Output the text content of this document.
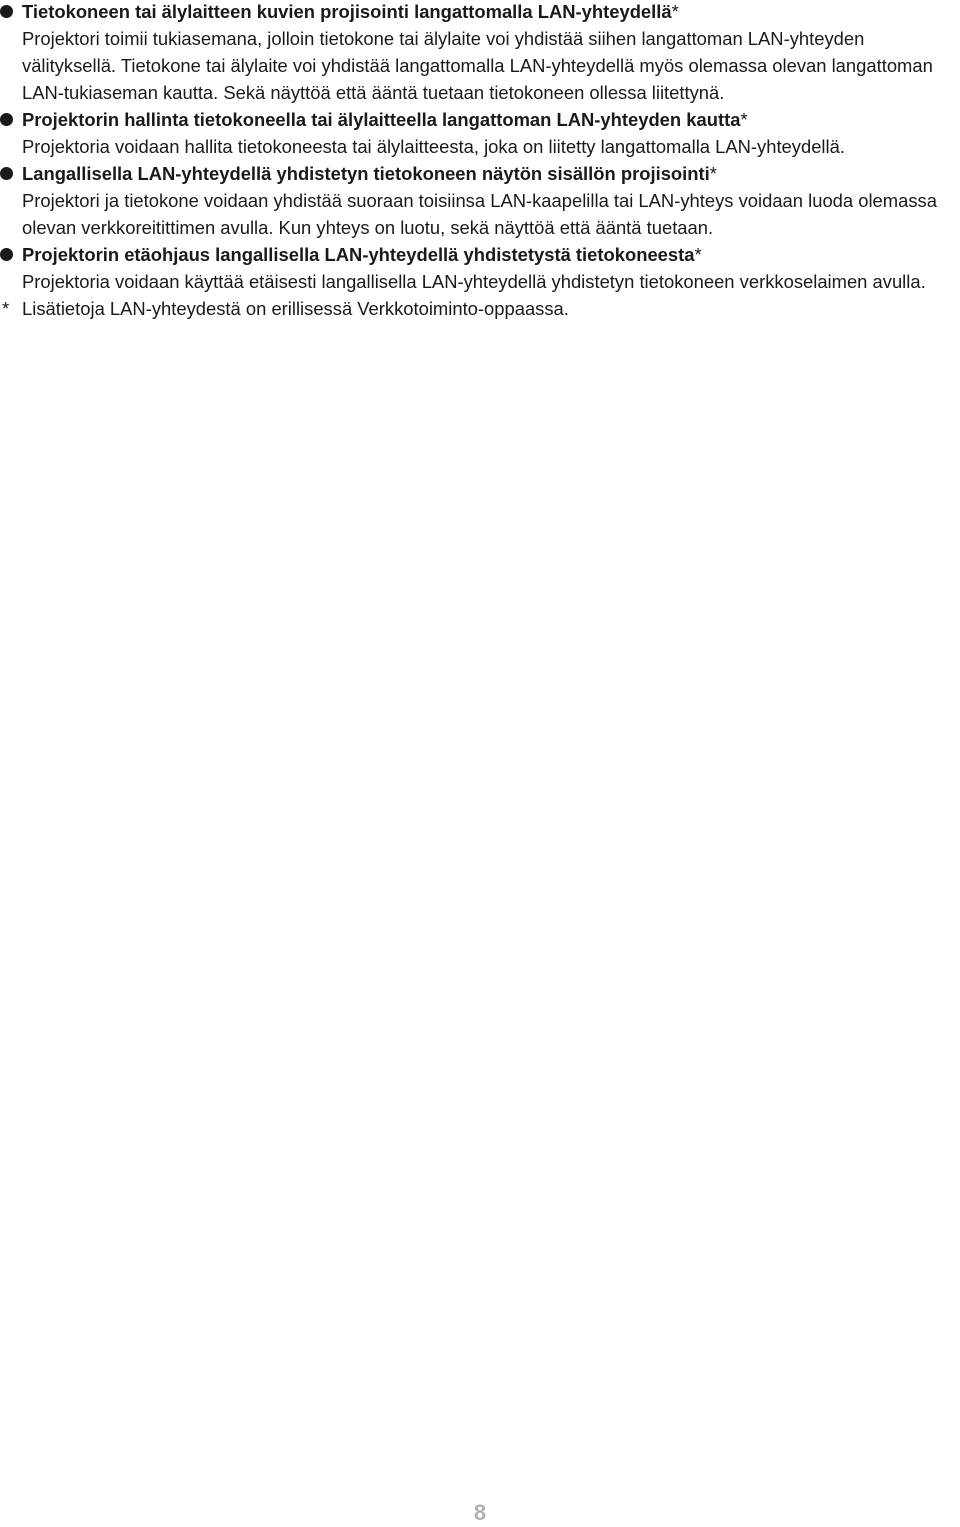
Tietokoneen tai älylaitteen kuvien projisointi langattomalla LAN-yhteydellä*
Projektori toimii tukiasemana, jolloin tietokone tai älylaite voi yhdistää siihen langattoman LAN-yhteyden välityksellä. Tietokone tai älylaite voi yhdistää langattomalla LAN-yhteydellä myös olemassa olevan langattoman LAN-tukiaseman kautta. Sekä näyttöä että ääntä tuetaan tietokoneen ollessa liitettynä.
Projektorin hallinta tietokoneella tai älylaitteella langattoman LAN-yhteyden kautta*
Projektoria voidaan hallita tietokoneesta tai älylaitteesta, joka on liitetty langattomalla LAN-yhteydellä.
Langallisella LAN-yhteydellä yhdistetyn tietokoneen näytön sisällön projisointi*
Projektori ja tietokone voidaan yhdistää suoraan toisiinsa LAN-kaapelilla tai LAN-yhteys voidaan luoda olemassa olevan verkkoreitittimen avulla. Kun yhteys on luotu, sekä näyttöä että ääntä tuetaan.
Projektorin etäohjaus langallisella LAN-yhteydellä yhdistetystä tietokoneesta*
Projektoria voidaan käyttää etäisesti langallisella LAN-yhteydellä yhdistetyn tietokoneen verkkoselaimen avulla.
* Lisätietoja LAN-yhteydestä on erillisessä Verkkotoiminto-oppaassa.
8
